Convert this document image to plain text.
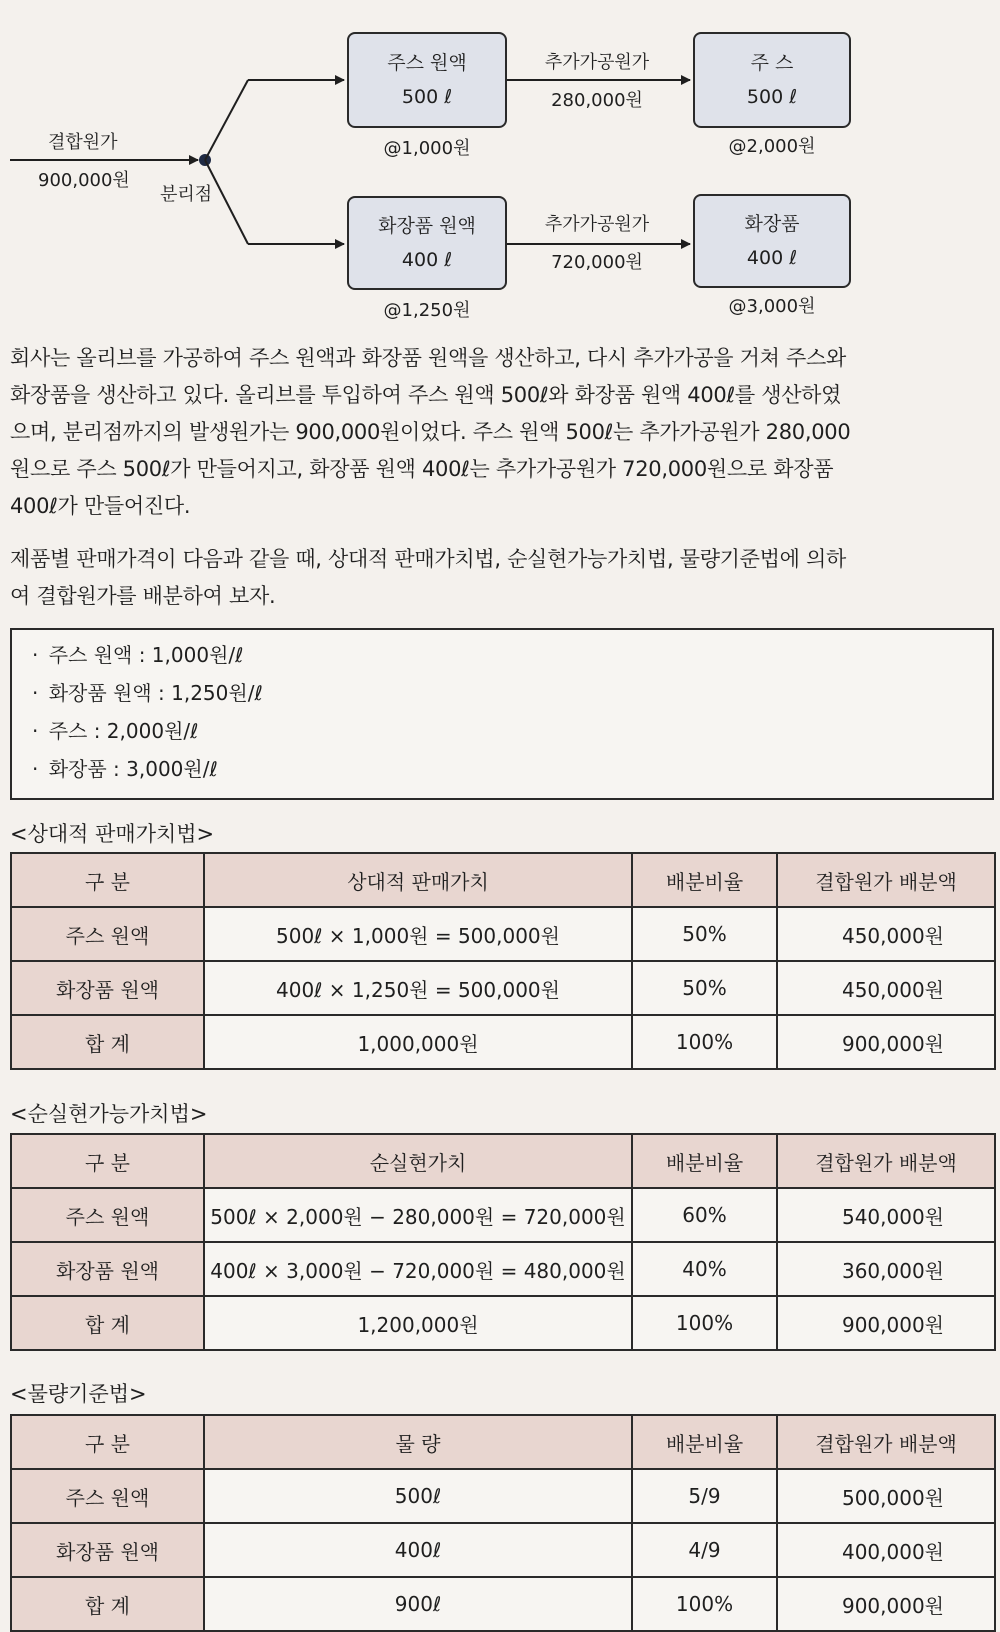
결합원가
900,000원
분리점
주스 원액
500 ℓ
@1,000원
추가가공원가
280,000원
주 스
500 ℓ
@2,000원
화장품 원액
400 ℓ
@1,250원
추가가공원가
720,000원
화장품
400 ℓ
@3,000원

회사는 올리브를 가공하여 주스 원액과 화장품 원액을 생산하고, 다시 추가가공을 거쳐 주스와
화장품을 생산하고 있다. 올리브를 투입하여 주스 원액 500ℓ와 화장품 원액 400ℓ를 생산하였
으며, 분리점까지의 발생원가는 900,000원이었다. 주스 원액 500ℓ는 추가가공원가 280,000
원으로 주스 500ℓ가 만들어지고, 화장품 원액 400ℓ는 추가가공원가 720,000원으로 화장품
400ℓ가 만들어진다.

제품별 판매가격이 다음과 같을 때, 상대적 판매가치법, 순실현가능가치법, 물량기준법에 의하
여 결합원가를 배분하여 보자.

· 주스 원액 : 1,000원/ℓ
· 화장품 원액 : 1,250원/ℓ
· 주스 : 2,000원/ℓ
· 화장품 : 3,000원/ℓ
<상대적 판매가치법>
구 분	상대적 판매가치	배분비율	결합원가 배분액
주스 원액	500ℓ × 1,000원 = 500,000원	50%	450,000원
화장품 원액	400ℓ × 1,250원 = 500,000원	50%	450,000원
합 계	1,000,000원	100%	900,000원
<순실현가능가치법>
구 분	순실현가치	배분비율	결합원가 배분액
주스 원액	500ℓ × 2,000원 − 280,000원 = 720,000원	60%	540,000원
화장품 원액	400ℓ × 3,000원 − 720,000원 = 480,000원	40%	360,000원
합 계	1,200,000원	100%	900,000원
<물량기준법>
구 분	물 량	배분비율	결합원가 배분액
주스 원액	500ℓ	5/9	500,000원
화장품 원액	400ℓ	4/9	400,000원
합 계	900ℓ	100%	900,000원
